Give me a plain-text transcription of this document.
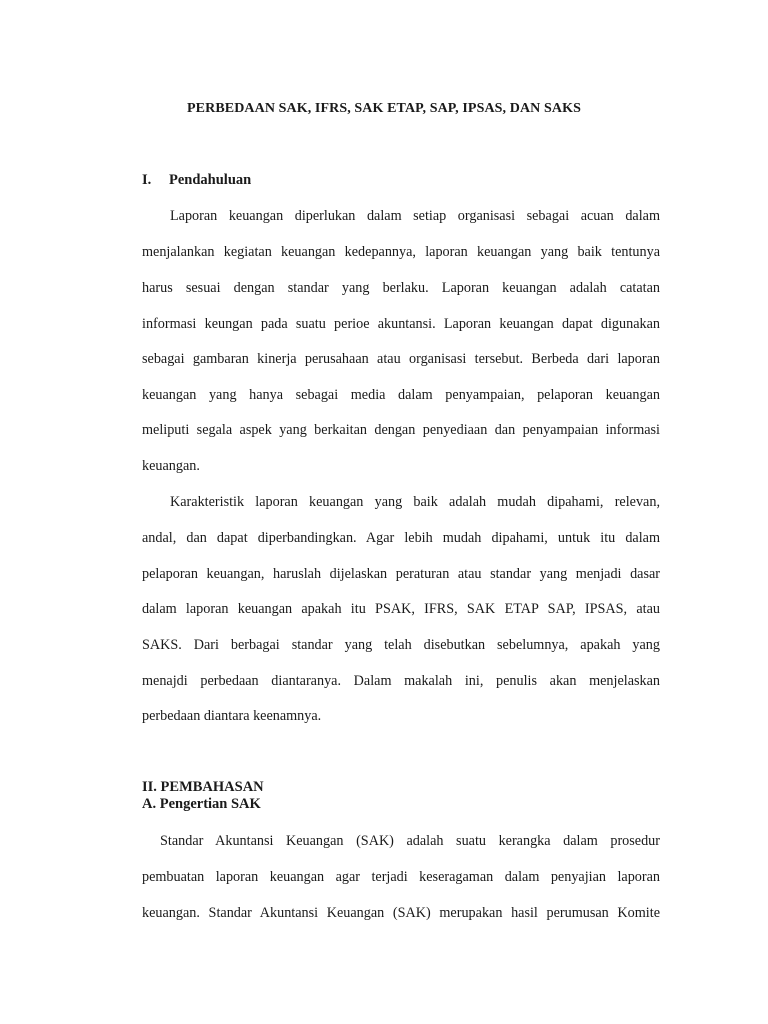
PERBEDAAN SAK, IFRS, SAK ETAP, SAP, IPSAS, DAN SAKS
I. Pendahuluan
Laporan keuangan diperlukan dalam setiap organisasi sebagai acuan dalam
menjalankan kegiatan keuangan kedepannya, laporan keuangan yang baik tentunya
harus sesuai dengan standar yang berlaku. Laporan keuangan adalah catatan
informasi keungan pada suatu perioe akuntansi. Laporan keuangan dapat digunakan
sebagai gambaran kinerja perusahaan atau organisasi tersebut. Berbeda dari laporan
keuangan yang hanya sebagai media dalam penyampaian, pelaporan keuangan
meliputi segala aspek yang berkaitan dengan penyediaan dan penyampaian informasi
keuangan.
Karakteristik laporan keuangan yang baik adalah mudah dipahami, relevan,
andal, dan dapat diperbandingkan. Agar lebih mudah dipahami, untuk itu dalam
pelaporan keuangan, haruslah dijelaskan peraturan atau standar yang menjadi dasar
dalam laporan keuangan apakah itu PSAK, IFRS, SAK ETAP SAP, IPSAS, atau
SAKS. Dari berbagai standar yang telah disebutkan sebelumnya, apakah yang
menajdi perbedaan diantaranya. Dalam makalah ini, penulis akan menjelaskan
perbedaan diantara keenamnya.
II. PEMBAHASAN
A. Pengertian SAK
Standar Akuntansi Keuangan (SAK) adalah suatu kerangka dalam prosedur
pembuatan laporan keuangan agar terjadi keseragaman dalam penyajian laporan
keuangan. Standar Akuntansi Keuangan (SAK) merupakan hasil perumusan Komite
